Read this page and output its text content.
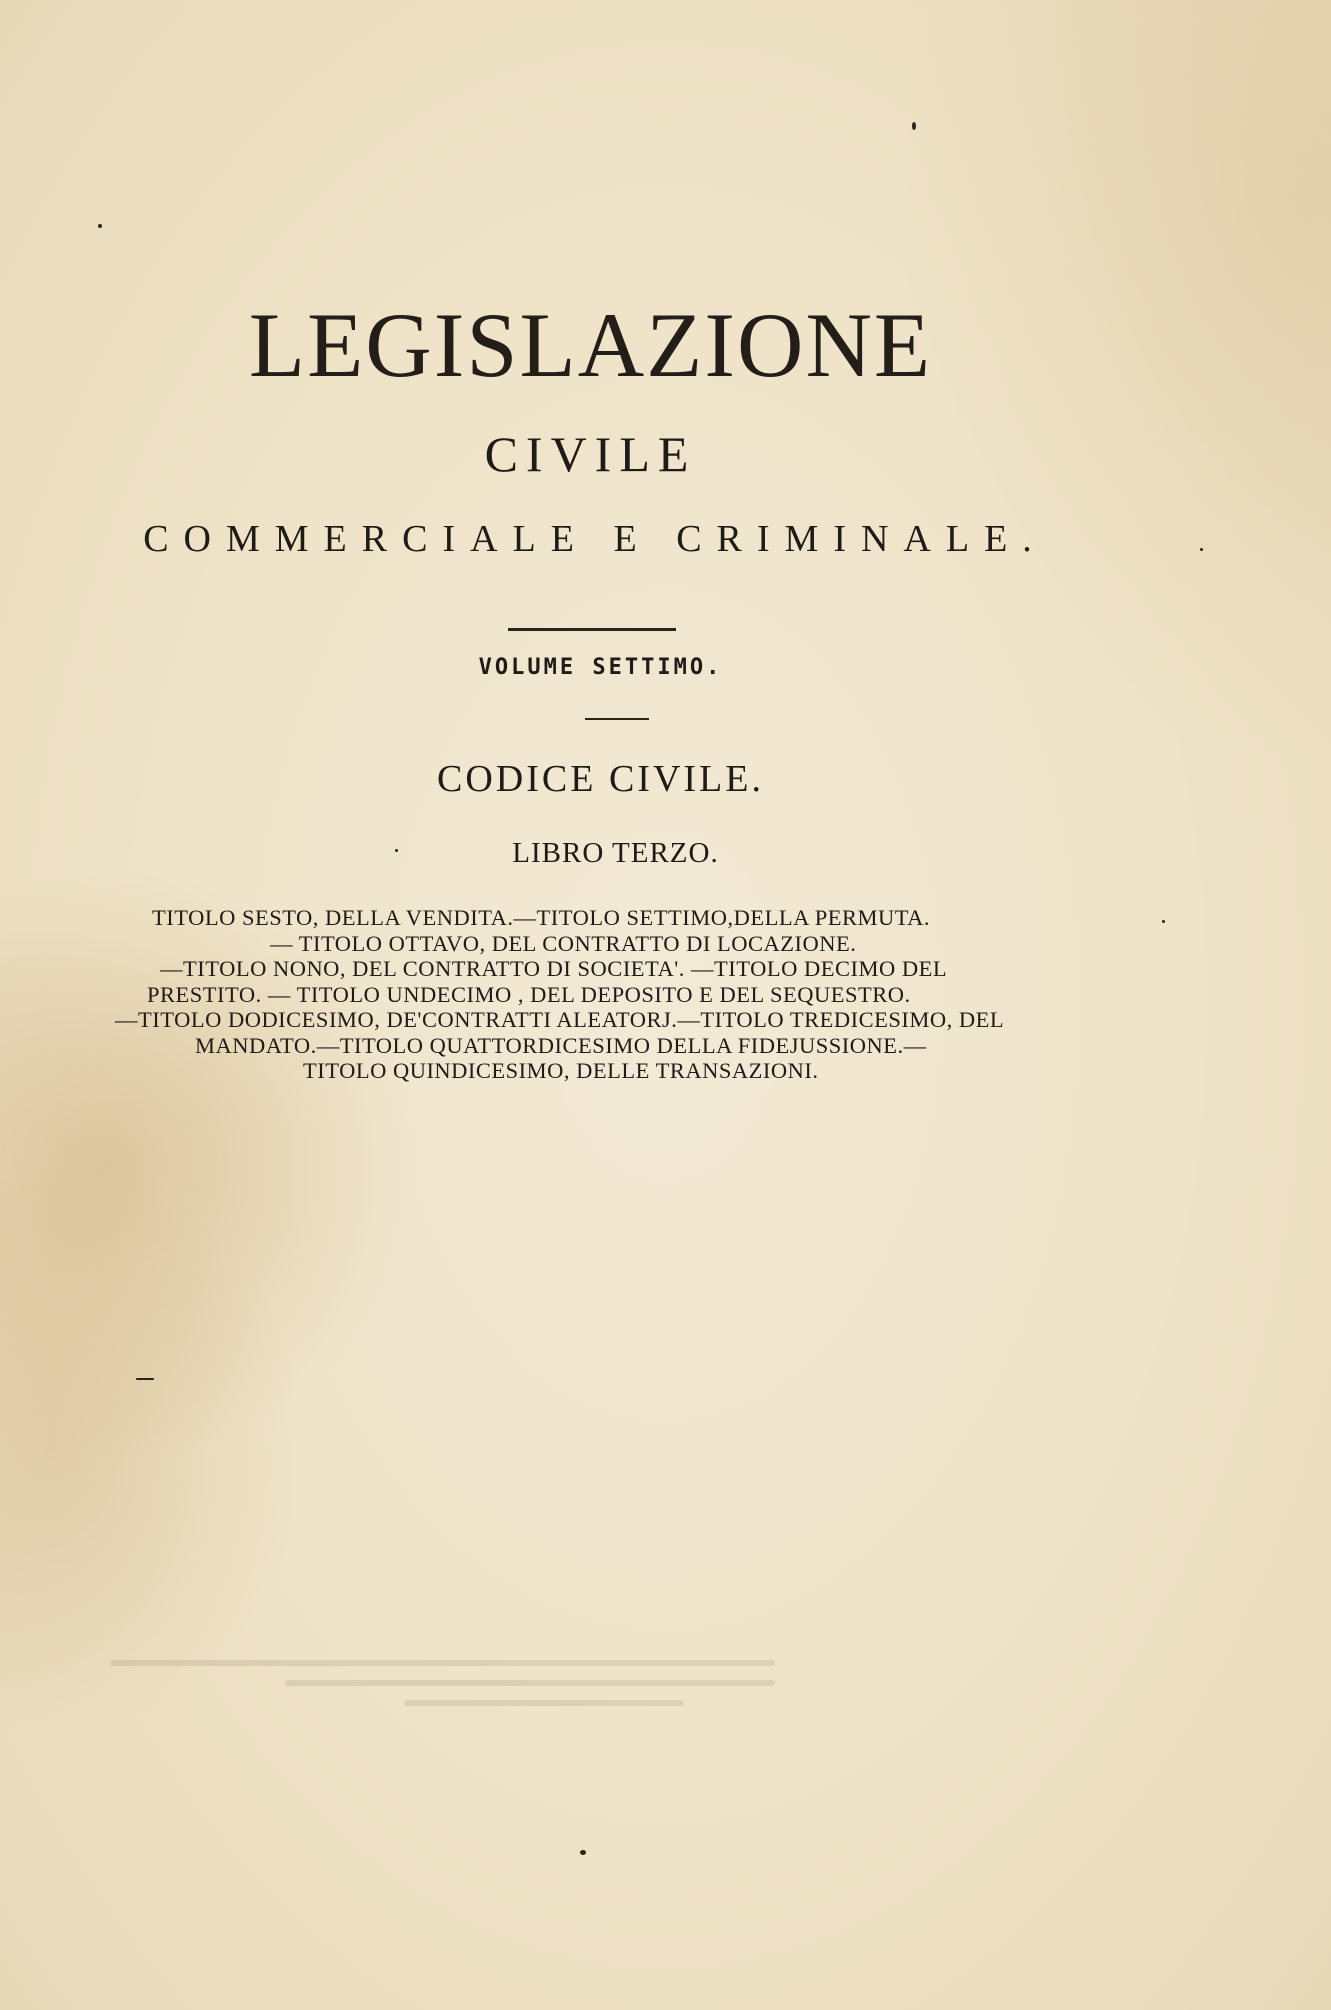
LEGISLAZIONE
CIVILE
COMMERCIALE E CRIMINALE.
VOLUME SETTIMO.
CODICE CIVILE.
LIBRO TERZO.
TITOLO SESTO, DELLA VENDITA.—TITOLO SETTIMO,DELLA PERMUTA.
— TITOLO OTTAVO, DEL CONTRATTO DI LOCAZIONE.
—TITOLO NONO, DEL CONTRATTO DI SOCIETA'. —TITOLO DECIMO DEL
PRESTITO. — TITOLO UNDECIMO , DEL DEPOSITO E DEL SEQUESTRO.
—TITOLO DODICESIMO, DE'CONTRATTI ALEATORJ.—TITOLO TREDICESIMO, DEL
MANDATO.—TITOLO QUATTORDICESIMO DELLA FIDEJUSSIONE.—
TITOLO QUINDICESIMO, DELLE TRANSAZIONI.
